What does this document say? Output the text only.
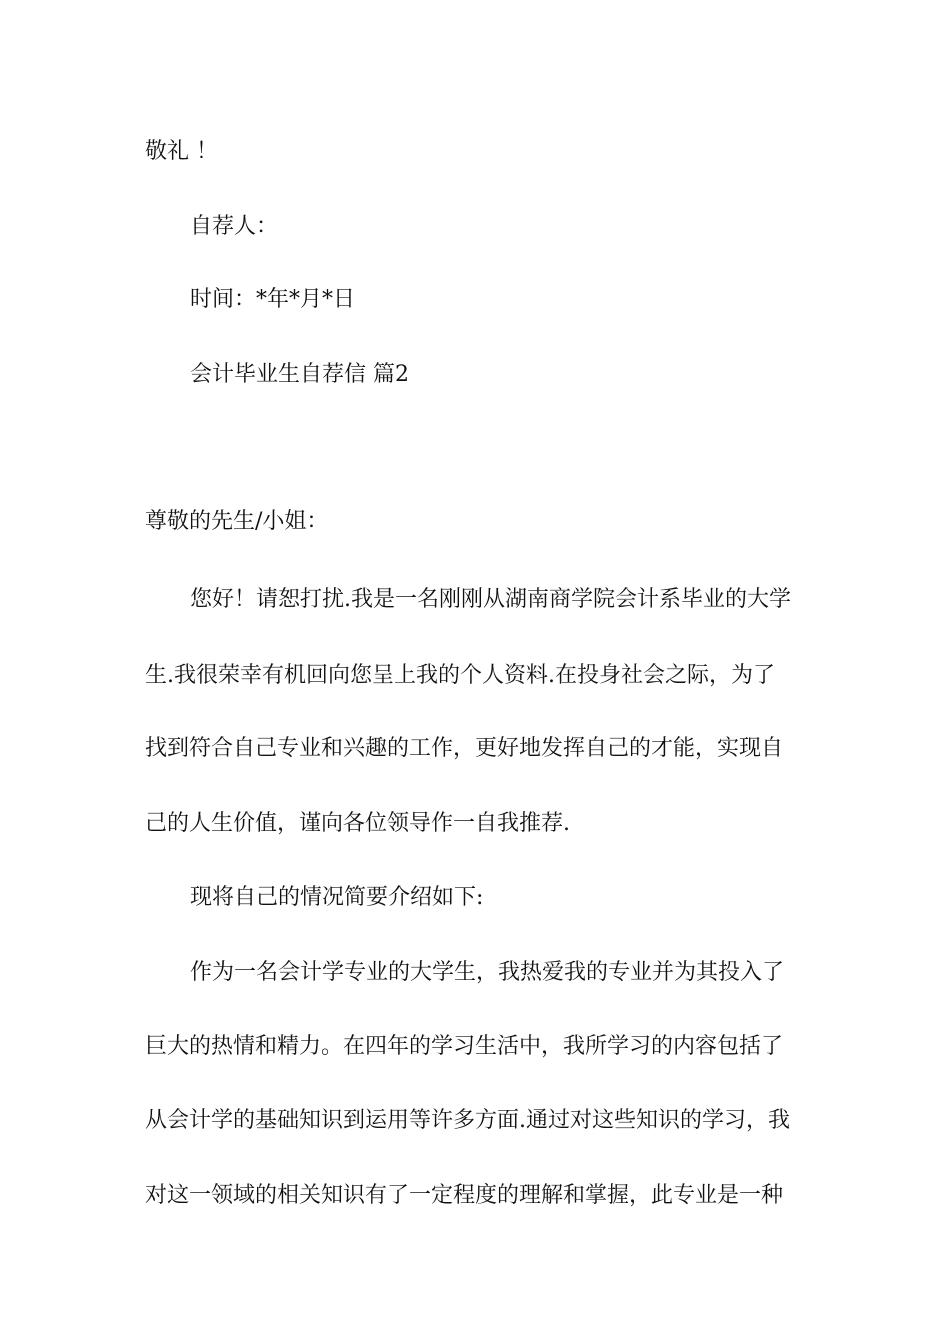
敬礼 ！
自荐人：
时间：*年*月*日
会计毕业生自荐信 篇2
尊敬的先生/小姐：
您好！请恕打扰.我是一名刚刚从湖南商学院会计系毕业的大学
生.我很荣幸有机回向您呈上我的个人资料.在投身社会之际，为了
找到符合自己专业和兴趣的工作，更好地发挥自己的才能，实现自
己的人生价值，谨向各位领导作一自我推荐.
现将自己的情况简要介绍如下:
作为一名会计学专业的大学生，我热爱我的专业并为其投入了
巨大的热情和精力。在四年的学习生活中，我所学习的内容包括了
从会计学的基础知识到运用等许多方面.通过对这些知识的学习，我
对这一领域的相关知识有了一定程度的理解和掌握，此专业是一种
